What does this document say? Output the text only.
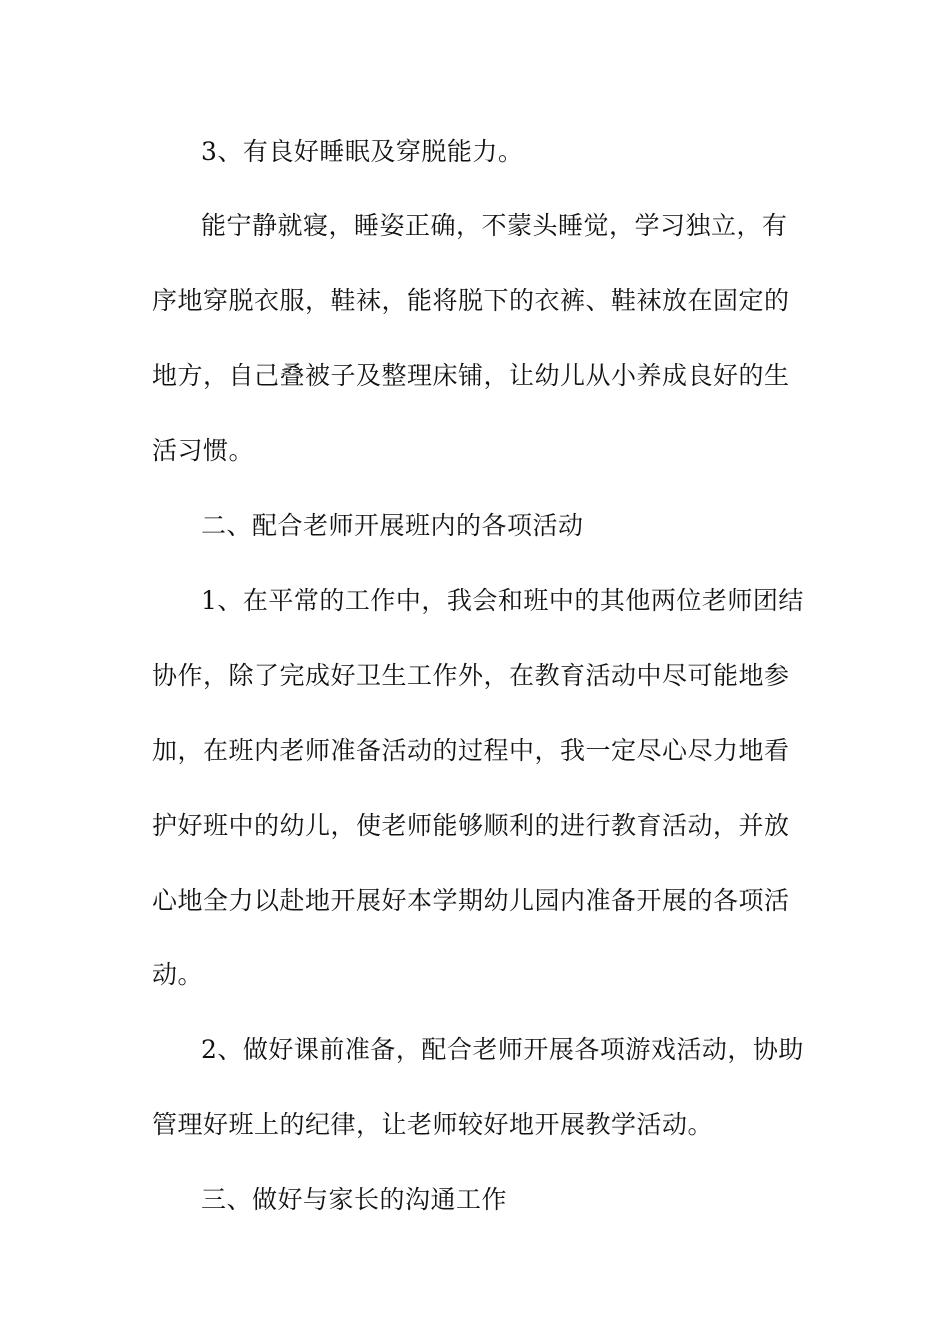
3、有良好睡眠及穿脱能力。
能宁静就寝，睡姿正确，不蒙头睡觉，学习独立，有
序地穿脱衣服，鞋袜，能将脱下的衣裤、鞋袜放在固定的
地方，自己叠被子及整理床铺，让幼儿从小养成良好的生
活习惯。
二、配合老师开展班内的各项活动
1、在平常的工作中，我会和班中的其他两位老师团结
协作，除了完成好卫生工作外，在教育活动中尽可能地参
加，在班内老师准备活动的过程中，我一定尽心尽力地看
护好班中的幼儿，使老师能够顺利的进行教育活动，并放
心地全力以赴地开展好本学期幼儿园内准备开展的各项活
动。
2、做好课前准备，配合老师开展各项游戏活动，协助
管理好班上的纪律，让老师较好地开展教学活动。
三、做好与家长的沟通工作
